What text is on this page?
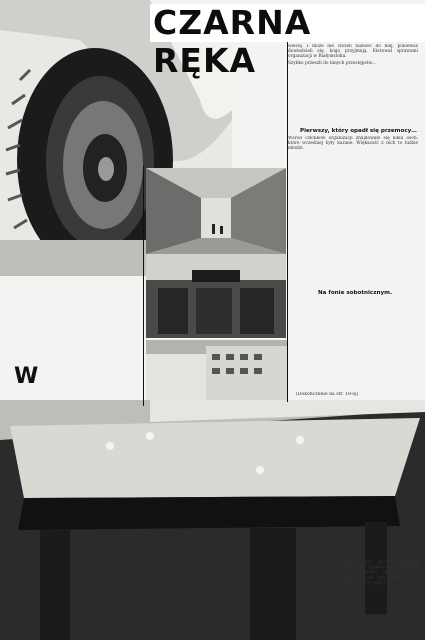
CZARNA RĘKA	wiecej. I może nie chcieli należeć do niej, ponieważ dowiedzieli się, kogo przyjmują. Kierował sprawami organizacji w Białymstoku.

Szybko przeszli do innych przestępstw...

Pierwszy, który opadł się przemocy…

Wśród członków organizacji znajdowało się kilka osób, które wcześniej były karane. Większość z nich to ludzie młodzi.

Na fonie sobotnicznym.
(Dokończenie na str. 18-ej)
W
Bilard, przy którym siedzieli członkowie organizacji. Właściciel „Czarnej Ręki” ukrywał się w składzie pod schodami i tam wpadł w ręce policji.
